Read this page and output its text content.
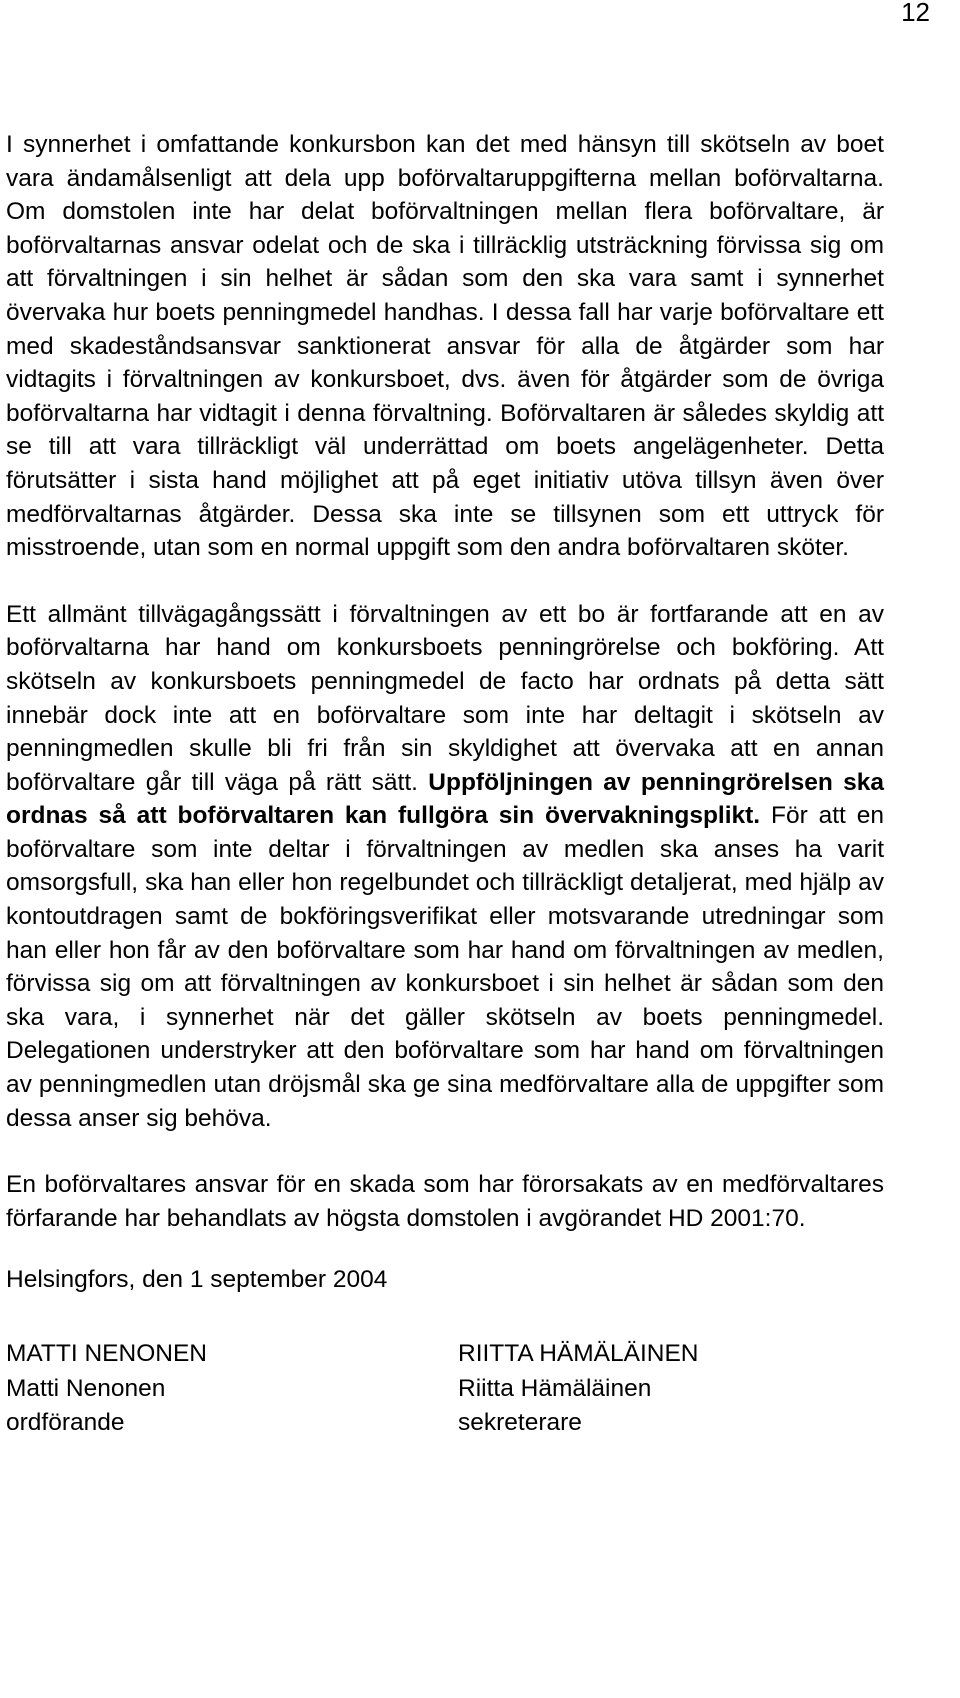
12

I synnerhet i omfattande konkursbon kan det med hänsyn till skötseln av boet vara ändamålsenligt att dela upp boförvaltaruppgifterna mellan boförvaltarna. Om domstolen inte har delat boförvaltningen mellan flera boförvaltare, är boförvaltarnas ansvar odelat och de ska i tillräcklig utsträckning förvissa sig om att förvaltningen i sin helhet är sådan som den ska vara samt i synnerhet övervaka hur boets penningmedel handhas. I dessa fall har varje boförvaltare ett med skadeståndsansvar sanktionerat ansvar för alla de åtgärder som har vidtagits i förvaltningen av konkursboet, dvs. även för åtgärder som de övriga boförvaltarna har vidtagit i denna förvaltning. Boförvaltaren är således skyldig att se till att vara tillräckligt väl underrättad om boets angelägenheter. Detta förutsätter i sista hand möjlighet att på eget initiativ utöva tillsyn även över medförvaltarnas åtgärder. Dessa ska inte se tillsynen som ett uttryck för misstroende, utan som en normal uppgift som den andra boförvaltaren sköter.

Ett allmänt tillvägagångssätt i förvaltningen av ett bo är fortfarande att en av boförvaltarna har hand om konkursboets penningrörelse och bokföring. Att skötseln av konkursboets penningmedel de facto har ordnats på detta sätt innebär dock inte att en boförvaltare som inte har deltagit i skötseln av penningmedlen skulle bli fri från sin skyldighet att övervaka att en annan boförvaltare går till väga på rätt sätt. Uppföljningen av penningrörelsen ska ordnas så att boförvaltaren kan fullgöra sin övervakningsplikt. För att en boförvaltare som inte deltar i förvaltningen av medlen ska anses ha varit omsorgsfull, ska han eller hon regelbundet och tillräckligt detaljerat, med hjälp av kontoutdragen samt de bokföringsverifikat eller motsvarande utredningar som han eller hon får av den boförvaltare som har hand om förvaltningen av medlen, förvissa sig om att förvaltningen av konkursboet i sin helhet är sådan som den ska vara, i synnerhet när det gäller skötseln av boets penningmedel. Delegationen understryker att den boförvaltare som har hand om förvaltningen av penningmedlen utan dröjsmål ska ge sina medförvaltare alla de uppgifter som dessa anser sig behöva.

En boförvaltares ansvar för en skada som har förorsakats av en medförvaltares förfarande har behandlats av högsta domstolen i avgörandet HD 2001:70.

Helsingfors, den 1 september 2004

MATTI NENONEN
Matti Nenonen
ordförande
RIITTA HÄMÄLÄINEN
Riitta Hämäläinen
sekreterare
